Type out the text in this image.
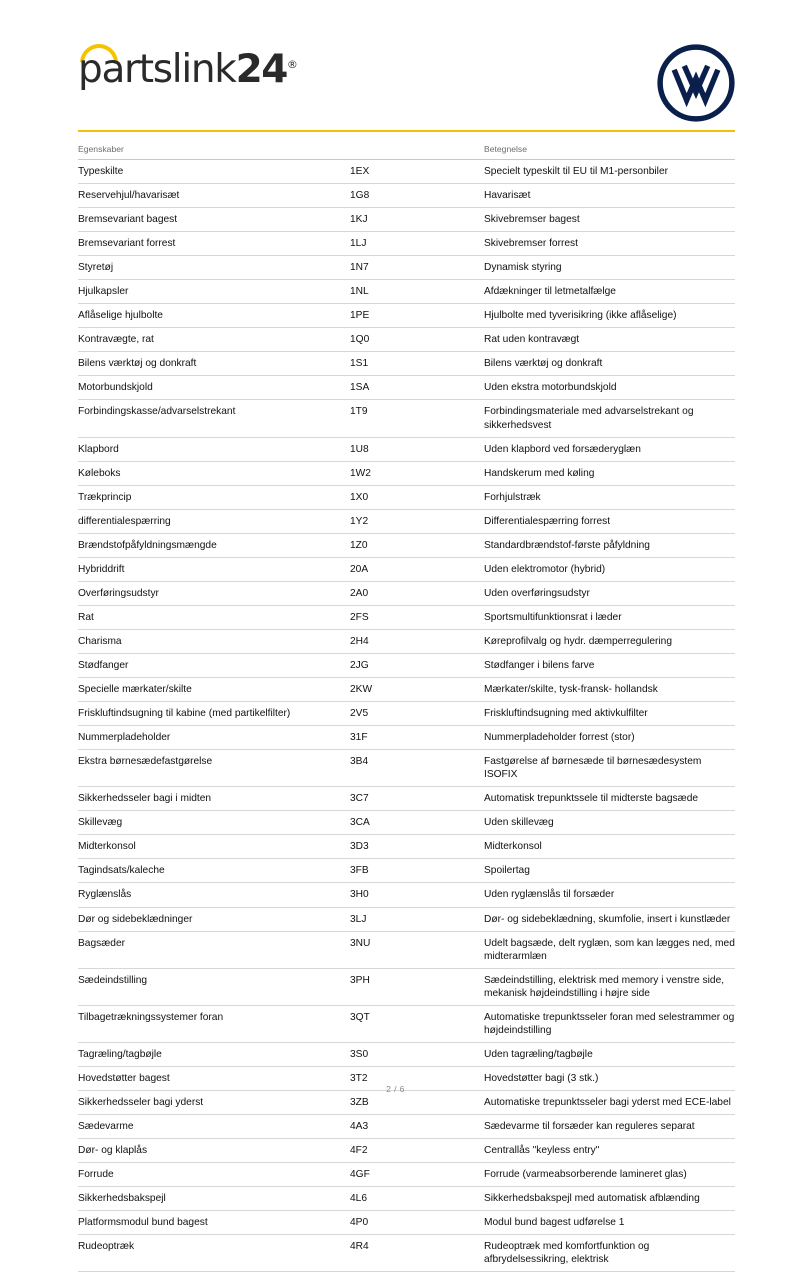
partslink24®
Egenskaber		Betegnelse
Typeskilte	1EX	Specielt typeskilt til EU til M1-personbiler
Reservehjul/havarisæt	1G8	Havarisæt
Bremsevariant bagest	1KJ	Skivebremser bagest
Bremsevariant forrest	1LJ	Skivebremser forrest
Styretøj	1N7	Dynamisk styring
Hjulkapsler	1NL	Afdækninger til letmetalfælge
Aflåselige hjulbolte	1PE	Hjulbolte med tyverisikring (ikke aflåselige)
Kontravægte, rat	1Q0	Rat uden kontravægt
Bilens værktøj og donkraft	1S1	Bilens værktøj og donkraft
Motorbundskjold	1SA	Uden ekstra motorbundskjold
Forbindingskasse/advarselstrekant	1T9	Forbindingsmateriale med advarselstrekant og sikkerhedsvest
Klapbord	1U8	Uden klapbord ved forsæderyglæn
Køleboks	1W2	Handskerum med køling
Trækprincip	1X0	Forhjulstræk
differentialespærring	1Y2	Differentialespærring forrest
Brændstofpåfyldningsmængde	1Z0	Standardbrændstof-første påfyldning
Hybriddrift	20A	Uden elektromotor (hybrid)
Overføringsudstyr	2A0	Uden overføringsudstyr
Rat	2FS	Sportsmultifunktionsrat i læder
Charisma	2H4	Køreprofilvalg og hydr. dæmperregulering
Stødfanger	2JG	Stødfanger i bilens farve
Specielle mærkater/skilte	2KW	Mærkater/skilte, tysk-fransk- hollandsk
Friskluftindsugning til kabine (med partikelfilter)	2V5	Friskluftindsugning med aktivkulfilter
Nummerpladeholder	31F	Nummerpladeholder forrest (stor)
Ekstra børnesædefastgørelse	3B4	Fastgørelse af børnesæde til børnesædesystem ISOFIX
Sikkerhedsseler bagi i midten	3C7	Automatisk trepunktssele til midterste bagsæde
Skillevæg	3CA	Uden skillevæg
Midterkonsol	3D3	Midterkonsol
Tagindsats/kaleche	3FB	Spoilertag
Ryglænslås	3H0	Uden ryglænslås til forsæder
Dør og sidebeklædninger	3LJ	Dør- og sidebeklædning, skumfolie, insert i kunstlæder
Bagsæder	3NU	Udelt bagsæde, delt ryglæn, som kan lægges ned, med midterarmlæn
Sædeindstilling	3PH	Sædeindstilling, elektrisk med memory i venstre side, mekanisk højdeindstilling i højre side
Tilbagetrækningssystemer foran	3QT	Automatiske trepunktsseler foran med selestrammer og højdeindstilling
Tagræling/tagbøjle	3S0	Uden tagræling/tagbøjle
Hovedstøtter bagest	3T2	Hovedstøtter bagi (3 stk.)
Sikkerhedsseler bagi yderst	3ZB	Automatiske trepunktsseler bagi yderst med ECE-label
Sædevarme	4A3	Sædevarme til forsæder kan reguleres separat
Dør- og klaplås	4F2	Centrallås "keyless entry"
Forrude	4GF	Forrude (varmeabsorberende lamineret glas)
Sikkerhedsbakspejl	4L6	Sikkerhedsbakspejl med automatisk afblænding
Platformsmodul bund bagest	4P0	Modul bund bagest udførelse 1
Rudeoptræk	4R4	Rudeoptræk med komfortfunktion og afbrydelsessikring, elektrisk
2 / 6
